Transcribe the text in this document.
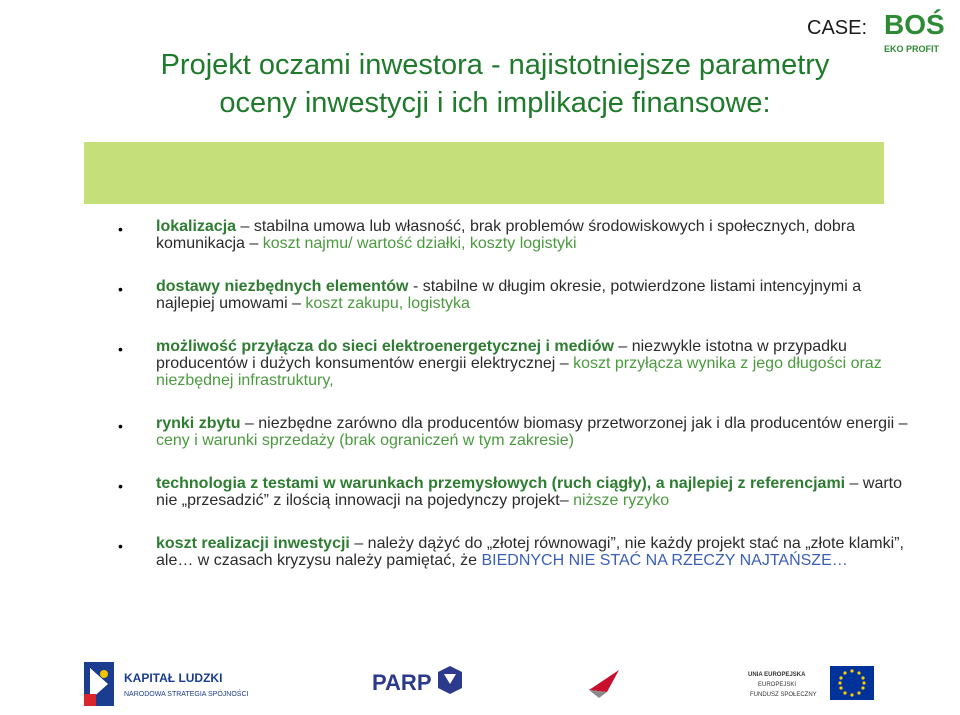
CASE: BOŚ
EKO PROFIT
Projekt oczami inwestora - najistotniejsze parametry
oceny inwestycji i ich implikacje finansowe:
• lokalizacja – stabilna umowa lub własność, brak problemów środowiskowych i społecznych, dobra komunikacja – koszt najmu/ wartość działki, koszty logistyki
• dostawy niezbędnych elementów - stabilne w długim okresie, potwierdzone listami intencyjnymi a najlepiej umowami – koszt zakupu, logistyka
• możliwość przyłącza do sieci elektroenergetycznej i mediów – niezwykle istotna w przypadku producentów i dużych konsumentów energii elektrycznej – koszt przyłącza wynika z jego długości oraz niezbędnej infrastruktury,
• rynki zbytu – niezbędne zarówno dla producentów biomasy przetworzonej jak i dla producentów energii – ceny i warunki sprzedaży (brak ograniczeń w tym zakresie)
• technologia z testami w warunkach przemysłowych (ruch ciągły), a najlepiej z referencjami – warto nie „przesadzić” z ilością innowacji na pojedynczy projekt– niższe ryzyko
• koszt realizacji inwestycji – należy dążyć do „złotej równowagi”, nie każdy projekt stać na „złote klamki”, ale… w czasach kryzysu należy pamiętać, że BIEDNYCH NIE STAĆ NA RZECZY NAJTAŃSZE…
KAPITAŁ LUDZKI
NARODOWA STRATEGIA SPÓJNOŚCI	PARP	UNIA EUROPEJSKA
EUROPEJSKI
FUNDUSZ SPOŁECZNY
